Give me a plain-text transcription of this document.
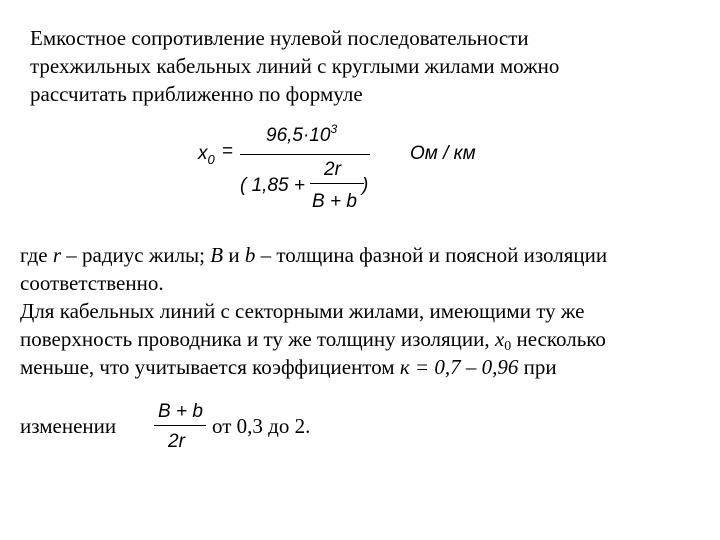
Емкостное сопротивление нулевой последовательности
трехжильных кабельных линий с круглыми жилами можно
рассчитать приближенно по формуле
$x_0$ =
$96,5\cdot 10^3$
2r
( 1,85 +
B + b
)
Ом / км
где r – радиус жилы; B и b – толщина фазной и поясной изоляции
соответственно.
Для кабельных линий с секторными жилами, имеющими ту же
поверхность проводника и ту же толщину изоляции, $x_0$ несколько
меньше, что учитывается коэффициентом к = 0,7 – 0,96 при
изменении
B + b
2r
от 0,3 до 2.
